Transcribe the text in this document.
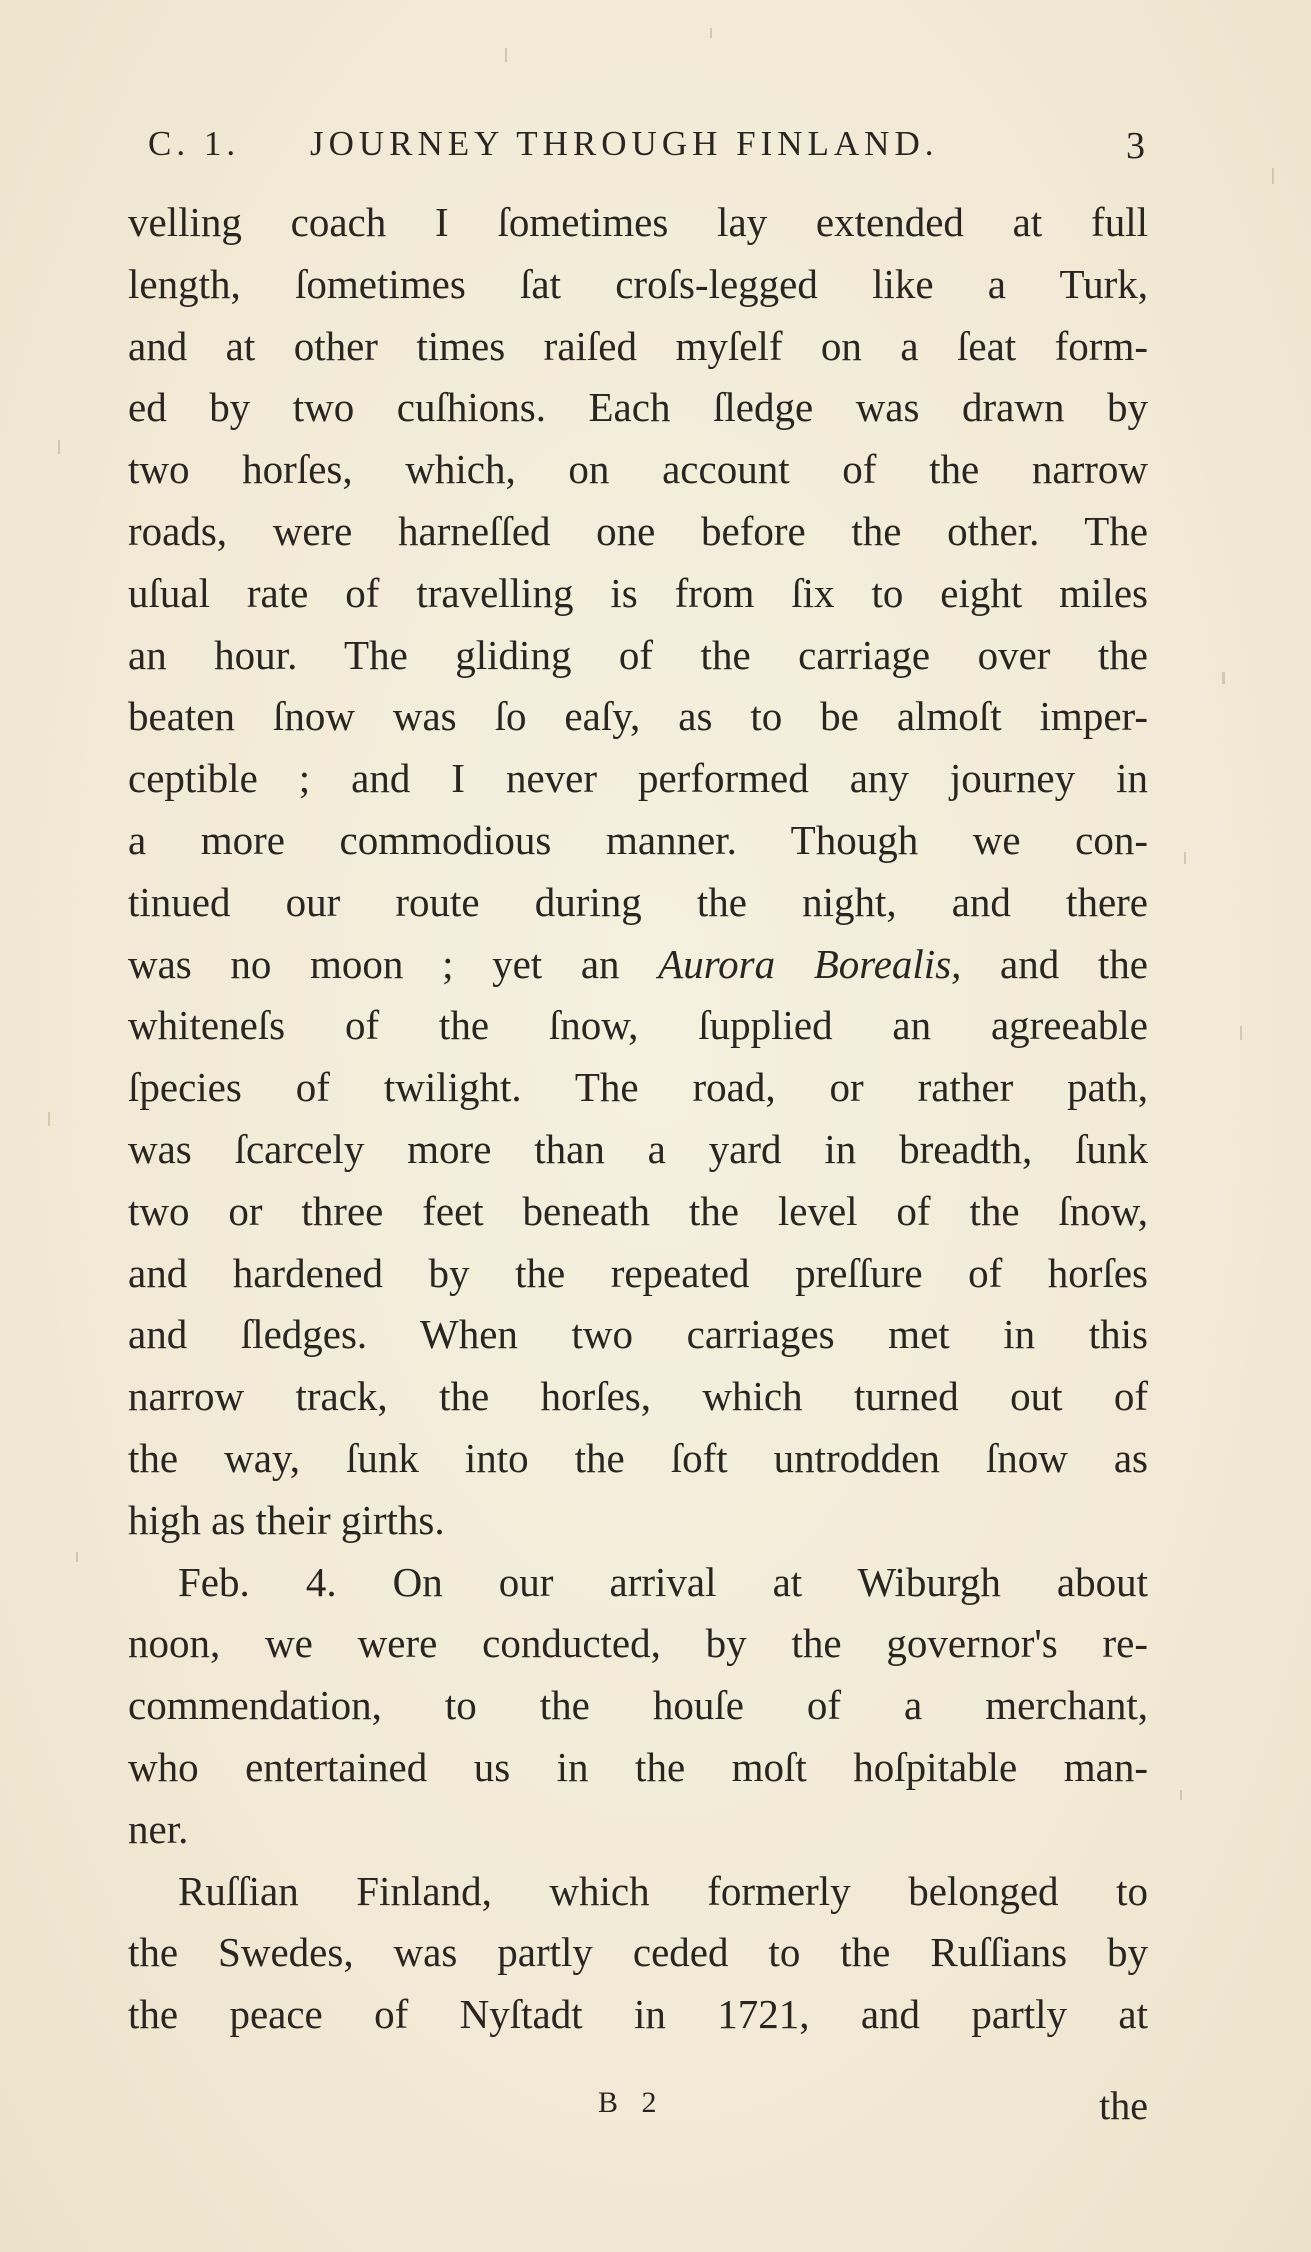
C. 1. JOURNEY THROUGH FINLAND.	3
velling coach I ſometimes lay extended at full
length, ſometimes ſat croſs-legged like a Turk,
and at other times raiſed myſelf on a ſeat form-
ed by two cuſhions. Each ſledge was drawn by
two horſes, which, on account of the narrow
roads, were harneſſed one before the other. The
uſual rate of travelling is from ſix to eight miles
an hour. The gliding of the carriage over the
beaten ſnow was ſo eaſy, as to be almoſt imper-
ceptible ; and I never performed any journey in
a more commodious manner. Though we con-
tinued our route during the night, and there
was no moon ; yet an Aurora Borealis, and the
whiteneſs of the ſnow, ſupplied an agreeable
ſpecies of twilight. The road, or rather path,
was ſcarcely more than a yard in breadth, ſunk
two or three feet beneath the level of the ſnow,
and hardened by the repeated preſſure of horſes
and ſledges. When two carriages met in this
narrow track, the horſes, which turned out of
the way, ſunk into the ſoft untrodden ſnow as
high as their girths.
Feb. 4. On our arrival at Wiburgh about
noon, we were conducted, by the governor's re-
commendation, to the houſe of a merchant,
who entertained us in the moſt hoſpitable man-
ner.
Ruſſian Finland, which formerly belonged to
the Swedes, was partly ceded to the Ruſſians by
the peace of Nyſtadt in 1721, and partly at
B 2	the
